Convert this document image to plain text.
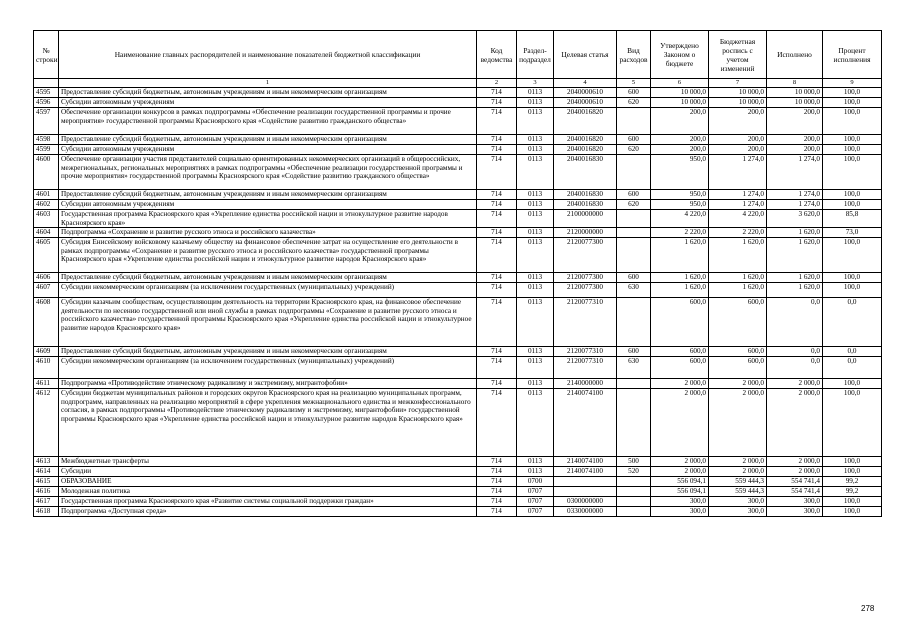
№ строки	Наименование главных распорядителей и наименование показателей бюджетной классификации	Код ведомства	Раздел-подраздел	Целевая статья	Вид расходов	Утверждено Законом о бюджете	Бюджетная роспись с учетом изменений	Исполнено	Процент исполнения
	1	2	3	4	5	6	7	8	9
4595	Предоставление субсидий бюджетным, автономным учреждениям и иным некоммерческим организациям	714	0113	2040000610	600	10 000,0	10 000,0	10 000,0	100,0
4596	Субсидии автономным учреждениям	714	0113	2040000610	620	10 000,0	10 000,0	10 000,0	100,0
4597	Обеспечение организации конкурсов в рамках подпрограммы «Обеспечение реализации государственной программы и прочие мероприятия» государственной программы Красноярского края «Содействие развитию гражданского общества»	714	0113	2040016820		200,0	200,0	200,0	100,0
4598	Предоставление субсидий бюджетным, автономным учреждениям и иным некоммерческим организациям	714	0113	2040016820	600	200,0	200,0	200,0	100,0
4599	Субсидии автономным учреждениям	714	0113	2040016820	620	200,0	200,0	200,0	100,0
4600	Обеспечение организации участия представителей социально ориентированных некоммерческих организаций в общероссийских, межрегиональных, региональных мероприятиях в рамках подпрограммы «Обеспечение реализации государственной программы и прочие мероприятия» государственной программы Красноярского края «Содействие развитию гражданского общества»	714	0113	2040016830		950,0	1 274,0	1 274,0	100,0
4601	Предоставление субсидий бюджетным, автономным учреждениям и иным некоммерческим организациям	714	0113	2040016830	600	950,0	1 274,0	1 274,0	100,0
4602	Субсидии автономным учреждениям	714	0113	2040016830	620	950,0	1 274,0	1 274,0	100,0
4603	Государственная программа Красноярского края «Укрепление единства российской нации и этнокультурное развитие народов Красноярского края»	714	0113	2100000000		4 220,0	4 220,0	3 620,0	85,8
4604	Подпрограмма «Сохранение и развитие русского этноса и российского казачества»	714	0113	2120000000		2 220,0	2 220,0	1 620,0	73,0
4605	Субсидия Енисейскому войсковому казачьему обществу на финансовое обеспечение затрат на осуществление его деятельности в рамках подпрограммы «Сохранение и развитие русского этноса и российского казачества» государственной программы Красноярского края «Укрепление единства российской нации и этнокультурное развитие народов Красноярского края»	714	0113	2120077300		1 620,0	1 620,0	1 620,0	100,0
4606	Предоставление субсидий бюджетным, автономным учреждениям и иным некоммерческим организациям	714	0113	2120077300	600	1 620,0	1 620,0	1 620,0	100,0
4607	Субсидии некоммерческим организациям (за исключением государственных (муниципальных) учреждений)	714	0113	2120077300	630	1 620,0	1 620,0	1 620,0	100,0
4608	Субсидии казачьим сообществам, осуществляющим деятельность на территории Красноярского края, на финансовое обеспечение деятельности по несению государственной или иной службы в рамках подпрограммы «Сохранение и развитие русского этноса и российского казачества» государственной программы Красноярского края «Укрепление единства российской нации и этнокультурное развитие народов Красноярского края»	714	0113	2120077310		600,0	600,0	0,0	0,0
4609	Предоставление субсидий бюджетным, автономным учреждениям и иным некоммерческим организациям	714	0113	2120077310	600	600,0	600,0	0,0	0,0
4610	Субсидии некоммерческим организациям (за исключением государственных (муниципальных) учреждений)	714	0113	2120077310	630	600,0	600,0	0,0	0,0
4611	Подпрограмма «Противодействие этническому радикализму и экстремизму, мигрантофобии»	714	0113	2140000000		2 000,0	2 000,0	2 000,0	100,0
4612	Субсидии бюджетам муниципальных районов и городских округов Красноярского края на реализацию муниципальных программ, подпрограмм, направленных на реализацию мероприятий в сфере укрепления межнационального единства и межконфессионального согласия, в рамках подпрограммы «Противодействие этническому радикализму и экстремизму, мигрантофобии» государственной программы Красноярского края «Укрепление единства российской нации и этнокультурное развитие народов Красноярского края»	714	0113	2140074100		2 000,0	2 000,0	2 000,0	100,0
4613	Межбюджетные трансферты	714	0113	2140074100	500	2 000,0	2 000,0	2 000,0	100,0
4614	Субсидии	714	0113	2140074100	520	2 000,0	2 000,0	2 000,0	100,0
4615	ОБРАЗОВАНИЕ	714	0700			556 094,1	559 444,3	554 741,4	99,2
4616	Молодежная политика	714	0707			556 094,1	559 444,3	554 741,4	99,2
4617	Государственная программа Красноярского края «Развитие системы социальной поддержки граждан»	714	0707	0300000000		300,0	300,0	300,0	100,0
4618	Подпрограмма «Доступная среда»	714	0707	0330000000		300,0	300,0	300,0	100,0
278
